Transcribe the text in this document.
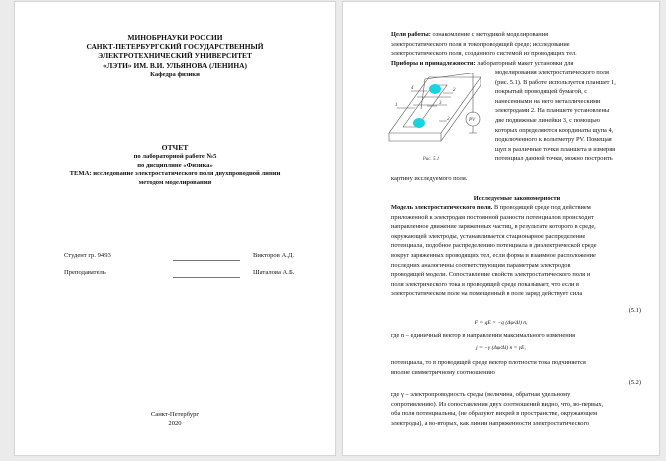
МИНОБРНАУКИ РОССИИ
САНКТ-ПЕТЕРБУРГСКИЙ ГОСУДАРСТВЕННЫЙ
ЭЛЕКТРОТЕХНИЧЕСКИЙ УНИВЕРСИТЕТ
«ЛЭТИ» ИМ. В.И. УЛЬЯНОВА (ЛЕНИНА)
Кафедра физики
ОТЧЕТ
по лабораторной работе №5
по дисциплине «Физика»
ТЕМА: исследование электростатического поля двухпроводной линии
методом моделирования
Студент гр. 9493	Викторов А.Д.
Преподаватель	Шаталова А.Б.
Санкт-Петербург
2020
Цели работы: ознакомление с методикой моделирования
электростатического поля в токопроводящей среде; исследование
электростатического поля, созданного системой из проводящих тел.
Приборы и принадлежности: лабораторный макет установки для
1
2
2
3
4
PV
Рис. 5.1
моделирования электростатического поля
(рис. 5.1). В работе используется планшет 1,
покрытый проводящей бумагой, с
нанесенными на него металлическими
электродами 2. На планшете установлены
две подвижные линейки 3, с помощью
которых определяются координаты щупа 4,
подключенного к вольтметру PV. Помещая
щуп в различные точки планшета и измеряя
потенциал данной точки, можно построить
картину исследуемого поля.
Исследуемые закономерности
Модель электростатического поля. В проводящей среде под действием
приложенной к электродам постоянной разности потенциалов происходит
направленное движение заряженных частиц, в результате которого в среде,
окружающей электроды, устанавливается стационарное распределение
потенциала, подобное распределению потенциала в диэлектрической среде
вокруг заряженных проводящих тел, если форма и взаимное расположение
последних аналогичны соответствующим параметрам электродов
проводящей модели. Сопоставление свойств электростатического поля и
поля электрического тока в проводящей среде показывает, что если в
электростатическом поле на помещенный в поле заряд действует сила
(5.1)
F = qE = −q (Δφ/Δl) n,
где n – единичный вектор в направлении максимального изменения
j = −γ (Δφ/Δl) n = γE,
потенциала, то в проводящей среде вектор плотности тока подчиняется
вполне симметричному соотношению
(5.2)
где γ – электропроводность среды (величина, обратная удельному
сопротивлению). Из сопоставления двух соотношений видно, что, во-первых,
оба поля потенциальны, (не образуют вихрей в пространстве, окружающем
электроды), а во-вторых, как линии напряженности электростатического
